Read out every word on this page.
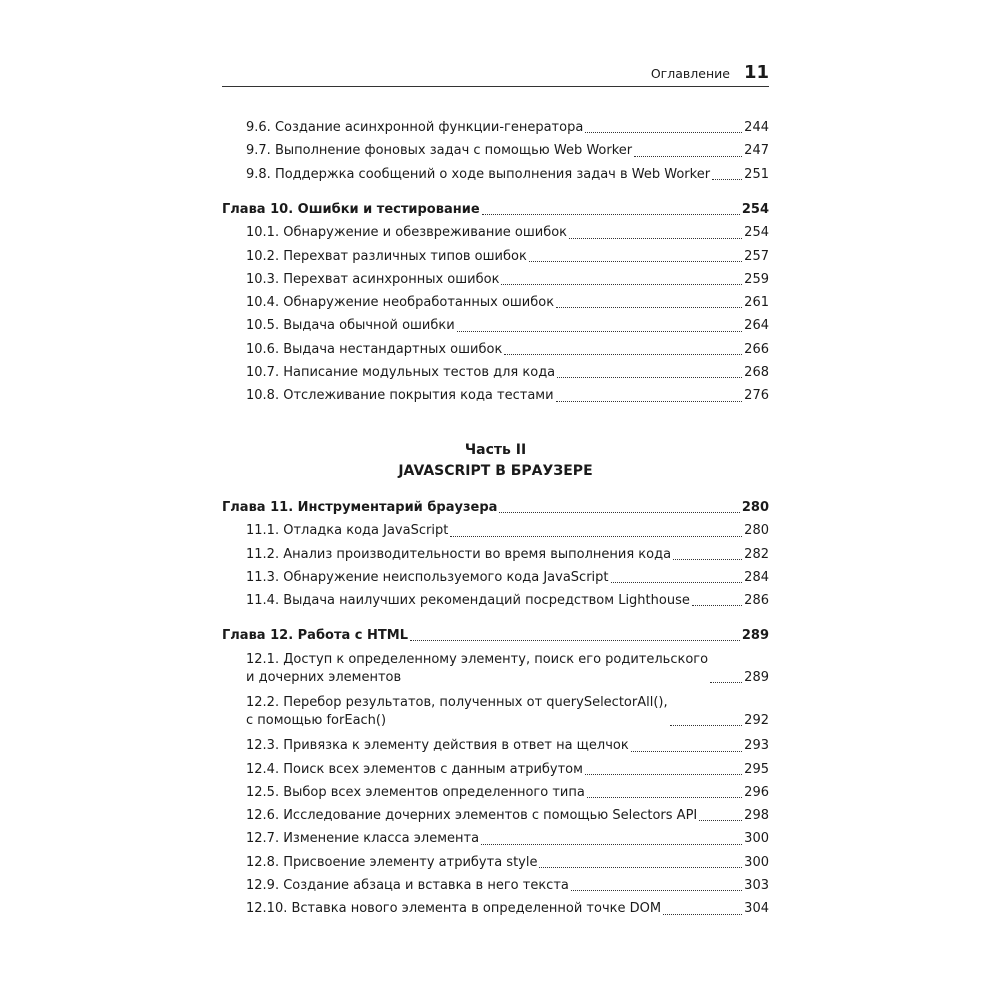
Оглавление 11
9.6. Создание асинхронной функции-генератора	244
9.7. Выполнение фоновых задач с помощью Web Worker	247
9.8. Поддержка сообщений о ходе выполнения задач в Web Worker	251
Глава 10. Ошибки и тестирование	254
10.1. Обнаружение и обезвреживание ошибок	254
10.2. Перехват различных типов ошибок	257
10.3. Перехват асинхронных ошибок	259
10.4. Обнаружение необработанных ошибок	261
10.5. Выдача обычной ошибки	264
10.6. Выдача нестандартных ошибок	266
10.7. Написание модульных тестов для кода	268
10.8. Отслеживание покрытия кода тестами	276
Часть II
JAVASCRIPT В БРАУЗЕРЕ
Глава 11. Инструментарий браузера	280
11.1. Отладка кода JavaScript	280
11.2. Анализ производительности во время выполнения кода	282
11.3. Обнаружение неиспользуемого кода JavaScript	284
11.4. Выдача наилучших рекомендаций посредством Lighthouse	286
Глава 12. Работа с HTML	289
12.1. Доступ к определенному элементу, поиск его родительского
и дочерних элементов	289
12.2. Перебор результатов, полученных от querySelectorAll(),
с помощью forEach()	292
12.3. Привязка к элементу действия в ответ на щелчок	293
12.4. Поиск всех элементов с данным атрибутом	295
12.5. Выбор всех элементов определенного типа	296
12.6. Исследование дочерних элементов с помощью Selectors API	298
12.7. Изменение класса элемента	300
12.8. Присвоение элементу атрибута style	300
12.9. Создание абзаца и вставка в него текста	303
12.10. Вставка нового элемента в определенной точке DOM	304
